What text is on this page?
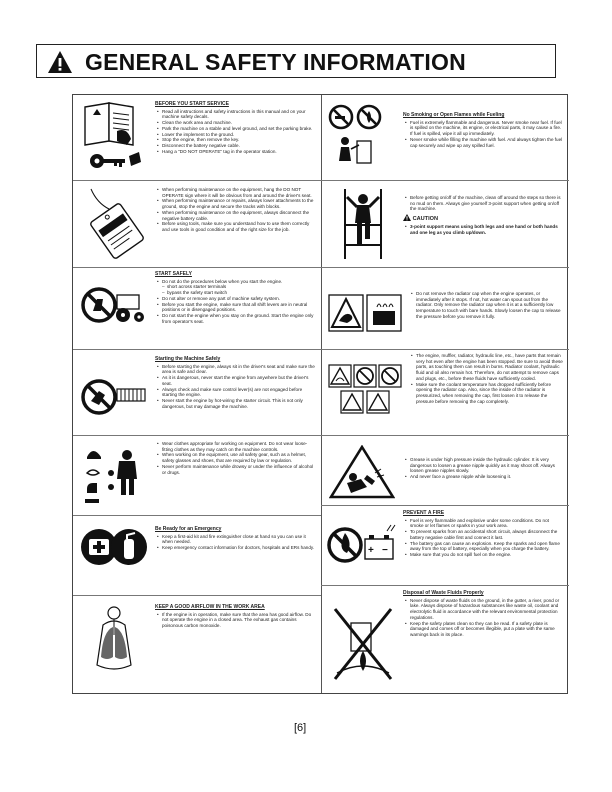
GENERAL SAFETY INFORMATION
BEFORE YOU START SERVICE
• Read all instructions and safety instructions in this manual and on your machine safety decals.
• Clean the work area and machine.
• Park the machine on a stable and level ground, and set the parking brake.
• Lower the implement to the ground.
• Stop the engine, then remove the key.
• Disconnect the battery negative cable.
• Hang a "DO NOT OPERATE" tag in the operator station.
• When performing maintenance on the equipment, hang the DO NOT OPERATE sign where it will be obvious from and around the driver's seat.
• When performing maintenance or repairs, always lower attachments to the ground, stop the engine and secure the tracks with blocks.
• When performing maintenance on the equipment, always disconnect the negative battery cable.
• Before using tools, make sure you understand how to use them correctly and use tools in good condition and of the right size for the job.
START SAFELY
• Do not do the procedures below when you start the engine.
– short across starter terminals
– bypass the safety start switch
• Do not alter or remove any part of machine safety system.
• Before you start the engine, make sure that all shift levers are in neutral positions or in disengaged positions.
• Do not start the engine when you stay on the ground. Start the engine only from operator's seat.
Starting the Machine Safely
• Before starting the engine, always sit in the driver's seat and make sure the area is safe and clear.
• As it is dangerous, never start the engine from anywhere but the driver's seat.
• Always check and make sure control lever(s) are not engaged before starting the engine.
• Never start the engine by hot-wiring the starter circuit. This is not only dangerous, but may damage the machine.
• Wear clothes appropriate for working on equipment. Do not wear loose-fitting clothes as they may catch on the machine controls.
• When working on the equipment, use all safety gear, such as a helmet, safety glasses and shoes, that are required by law or regulation.
• Never perform maintenance while drowsy or under the influence of alcohol or drugs.
Be Ready for an Emergency
• Keep a first-aid kit and fire extinguisher close at hand so you can use it when needed.
• Keep emergency contact information for doctors, hospitals and ERs handy.
KEEP A GOOD AIRFLOW IN THE WORK AREA
• If the engine is in operation, make sure that the area has good airflow. Do not operate the engine in a closed area. The exhaust gas contains poisonous carbon monoxide.
No Smoking or Open Flames while Fueling
• Fuel is extremely flammable and dangerous. Never smoke near fuel. If fuel is spilled on the machine, its engine, or electrical parts, it may cause a fire. If fuel is spilled, wipe it all up immediately.
• Never smoke while filling the machine with fuel. And always tighten the fuel cap securely and wipe up any spilled fuel.
• Before getting on/off of the machine, clean off around the steps so there is no mud on them. Always give yourself 3-point support when getting on/off the machine.
CAUTION
• 3-point support means using both legs and one hand or both hands and one leg as you climb up/down.
• Do not remove the radiator cap when the engine operates, or immediately after it stops. If not, hot water can spout out from the radiator. Only remove the radiator cap when it is at a sufficiently low temperature to touch with bare hands. Slowly loosen the cap to release the pressure before you remove it fully.
• The engine, muffler, radiator, hydraulic line, etc., have parts that remain very hot even after the engine has been stopped. Be sure to avoid these parts, as touching them can result in burns. Radiator coolant, hydraulic fluid and oil also remain hot. Therefore, do not attempt to remove caps and plugs, etc., before these fluids have sufficiently cooled.
• Make sure the coolant temperature has dropped sufficiently before opening the radiator cap. Also, since the inside of the radiator is pressurized, when removing the cap, first loosen it to release the pressure before removing the cap completely.
• Grease is under high pressure inside the hydraulic cylinder. It is very dangerous to loosen a grease nipple quickly as it may shoot off. Always loosen grease nipples slowly.
• And never face a grease nipple while loosening it.
+ −
PREVENT A FIRE
• Fuel is very flammable and explosive under some conditions. Do not smoke or let flames or sparks in your work area.
• To prevent sparks from an accidental short circuit, always disconnect the battery negative cable first and connect it last.
• The battery gas can cause an explosion. Keep the sparks and open flame away from the top of battery, especially when you charge the battery.
• Make sure that you do not spill fuel on the engine.
Disposal of Waste Fluids Properly
• Never dispose of waste fluids on the ground, in the gutter, a river, pond or lake. Always dispose of hazardous substances like waste oil, coolant and electrolytic fluid in accordance with the relevant environmental protection regulations.
• Keep the safety plates clean so they can be read. If a safety plate is damaged and comes off or becomes illegible, put a plate with the same warnings back in its place.
[6]
